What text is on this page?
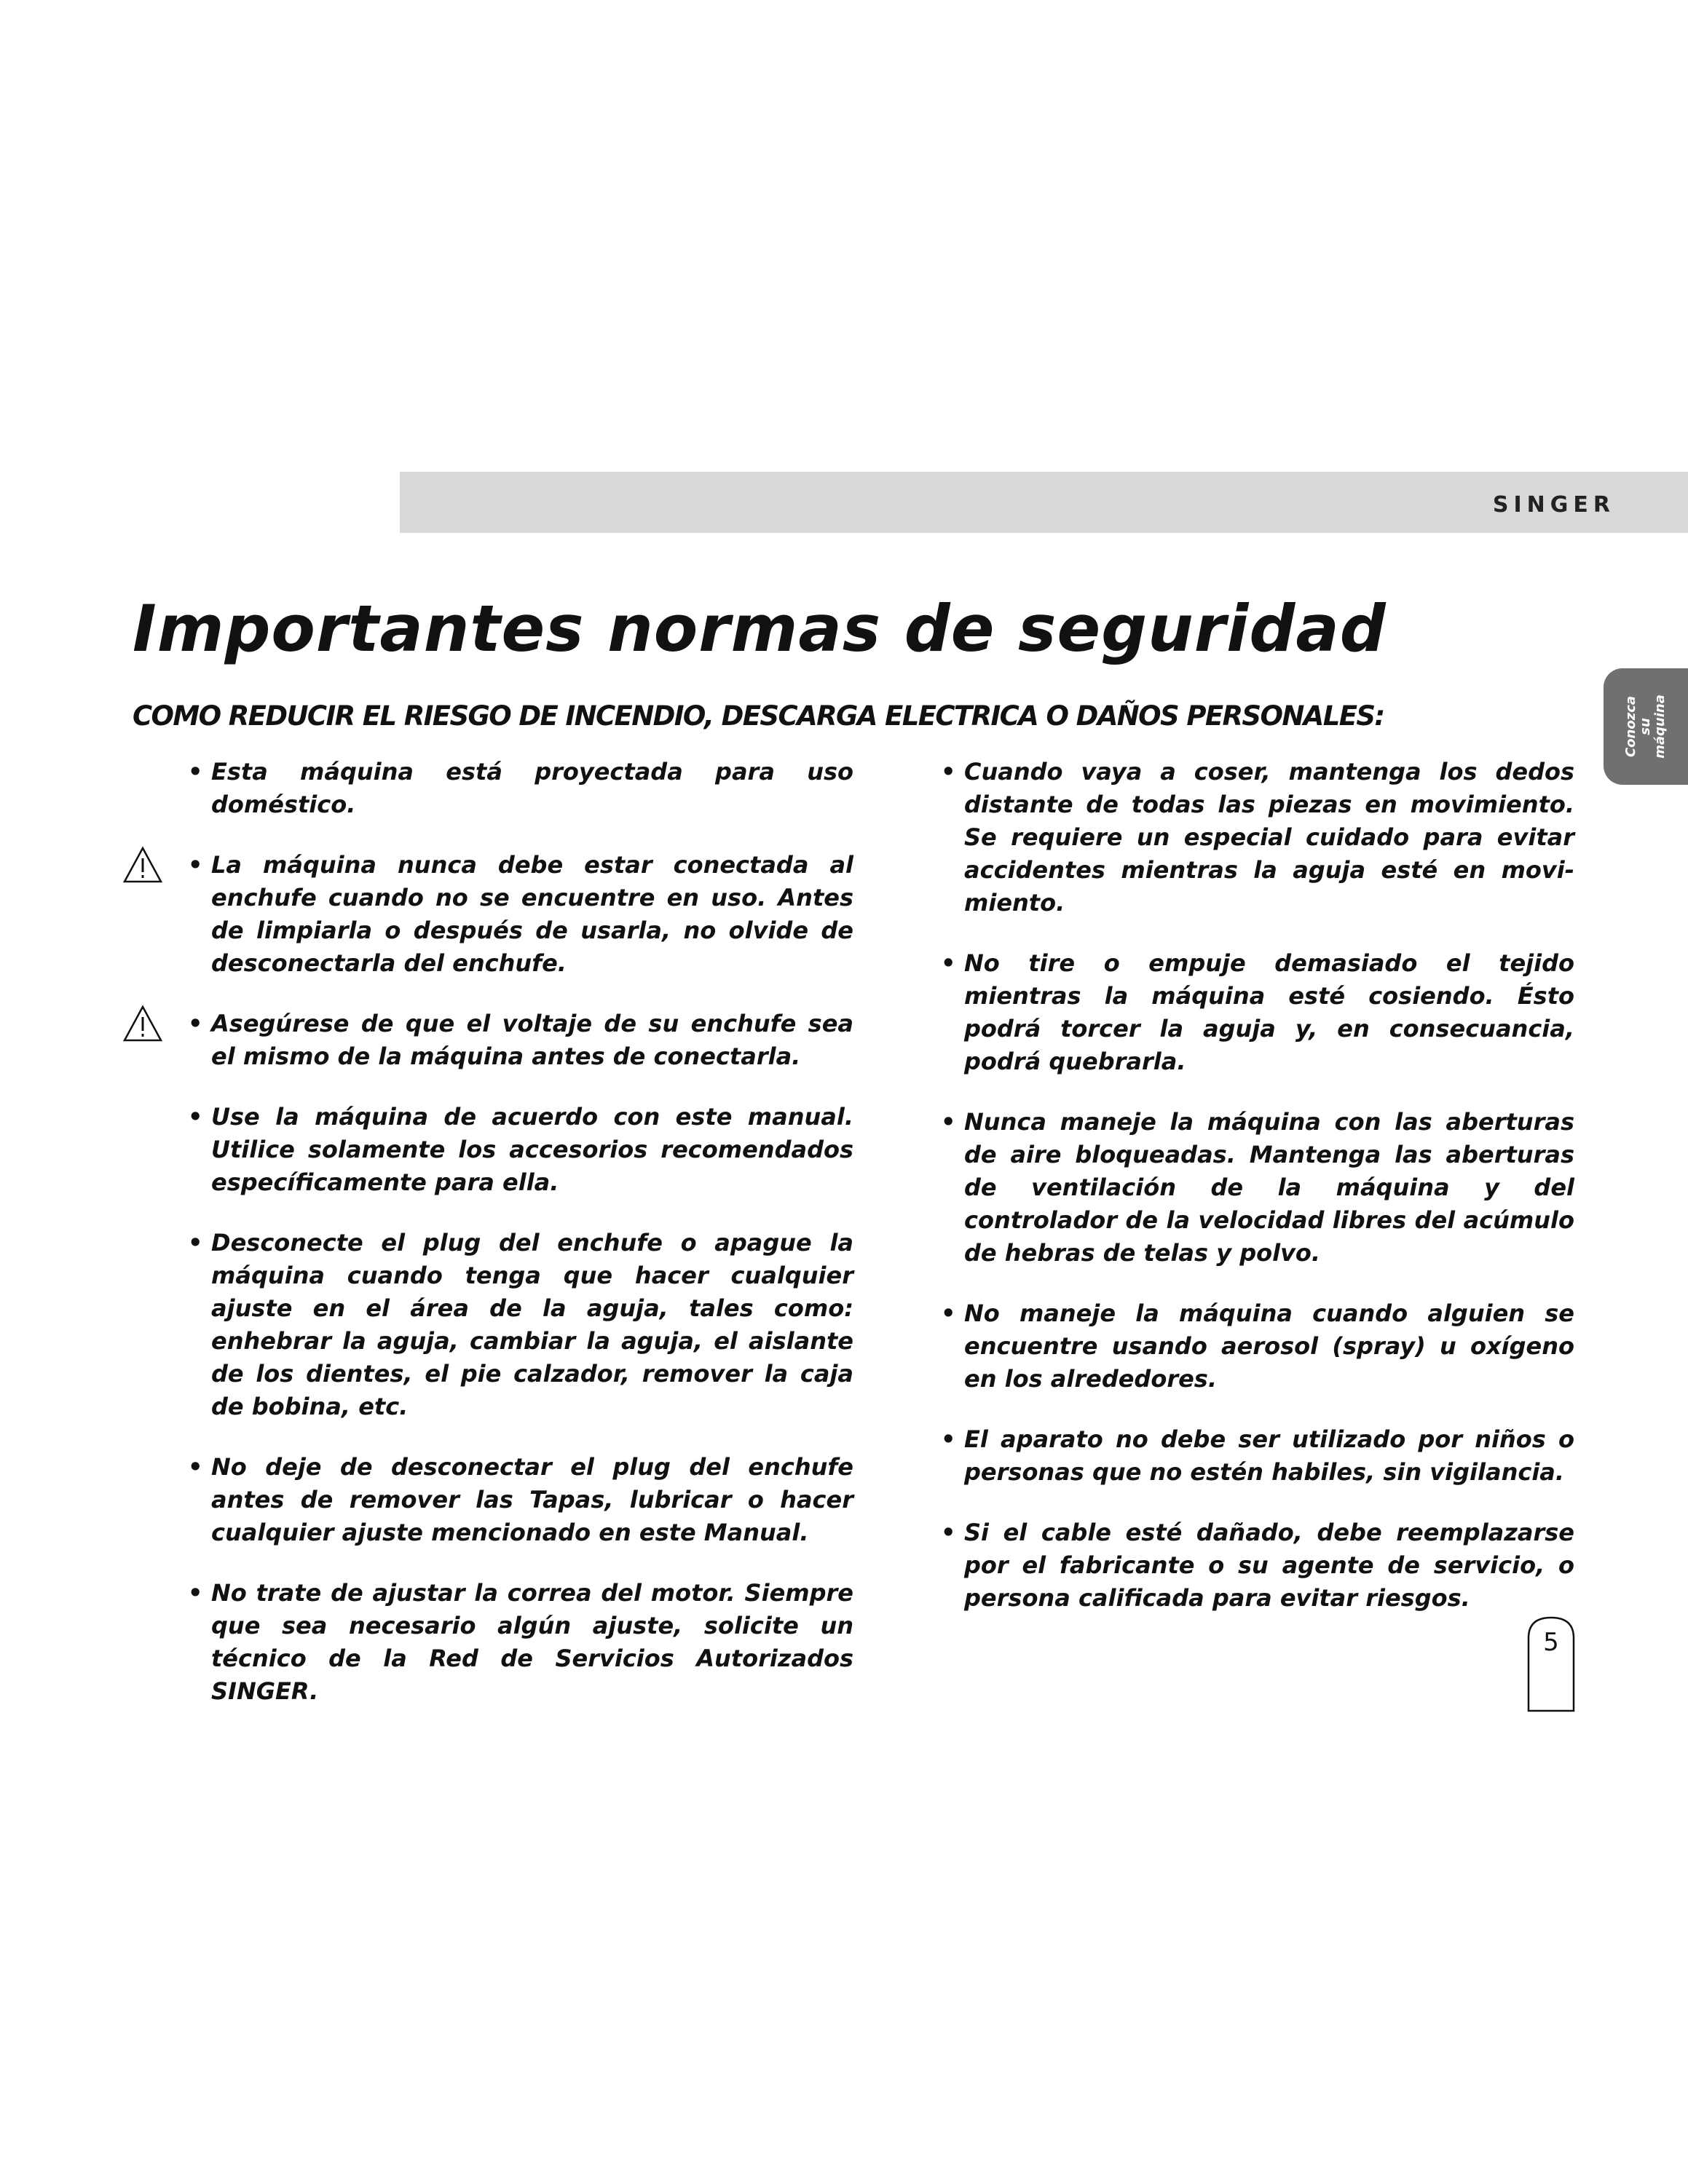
SINGER
Conozca
su
máquina
Importantes normas de seguridad
COMO REDUCIR EL RIESGO DE INCENDIO, DESCARGA ELECTRICA O DAÑOS PERSONALES:
• Esta máquina está proyectada para uso doméstico.
• La máquina nunca debe estar conectada al enchufe cuando no se encuentre en uso. Antes de limpiarla o después de usarla, no olvide de desconectarla del enchufe.
• Asegúrese de que el voltaje de su enchufe sea el mismo de la máquina antes de conectarla.
• Use la máquina de acuerdo con este manual. Utilice solamente los accesorios recomendados específicamente para ella.
• Desconecte el plug del enchufe o apague la máquina cuando tenga que hacer cualquier ajuste en el área de la aguja, tales como: enhebrar la aguja, cambiar la aguja, el aislante de los dientes, el pie calzador, remover la caja de bobina, etc.
• No deje de desconectar el plug del enchufe antes de remover las Tapas, lubricar o hacer cualquier ajuste mencionado en este Manual.
• No trate de ajustar la correa del motor. Siempre que sea necesario algún ajuste, solicite un técnico de la Red de Servicios Autorizados SINGER.
• Cuando vaya a coser, mantenga los dedos distante de todas las piezas en movimiento. Se requiere un especial cuidado para evitar accidentes mientras la aguja esté en movi-miento.
• No tire o empuje demasiado el tejido mientras la máquina esté cosiendo. Ésto podrá torcer la aguja y, en consecuancia, podrá quebrarla.
• Nunca maneje la máquina con las aberturas de aire bloqueadas. Mantenga las aberturas de ventilación de la máquina y del controlador de la velocidad libres del acúmulo de hebras de telas y polvo.
• No maneje la máquina cuando alguien se encuentre usando aerosol (spray) u oxígeno en los alrededores.
• El aparato no debe ser utilizado por niños o personas que no estén habiles, sin vigilancia.
• Si el cable esté dañado, debe reemplazarse por el fabricante o su agente de servicio, o persona calificada para evitar riesgos.
5
